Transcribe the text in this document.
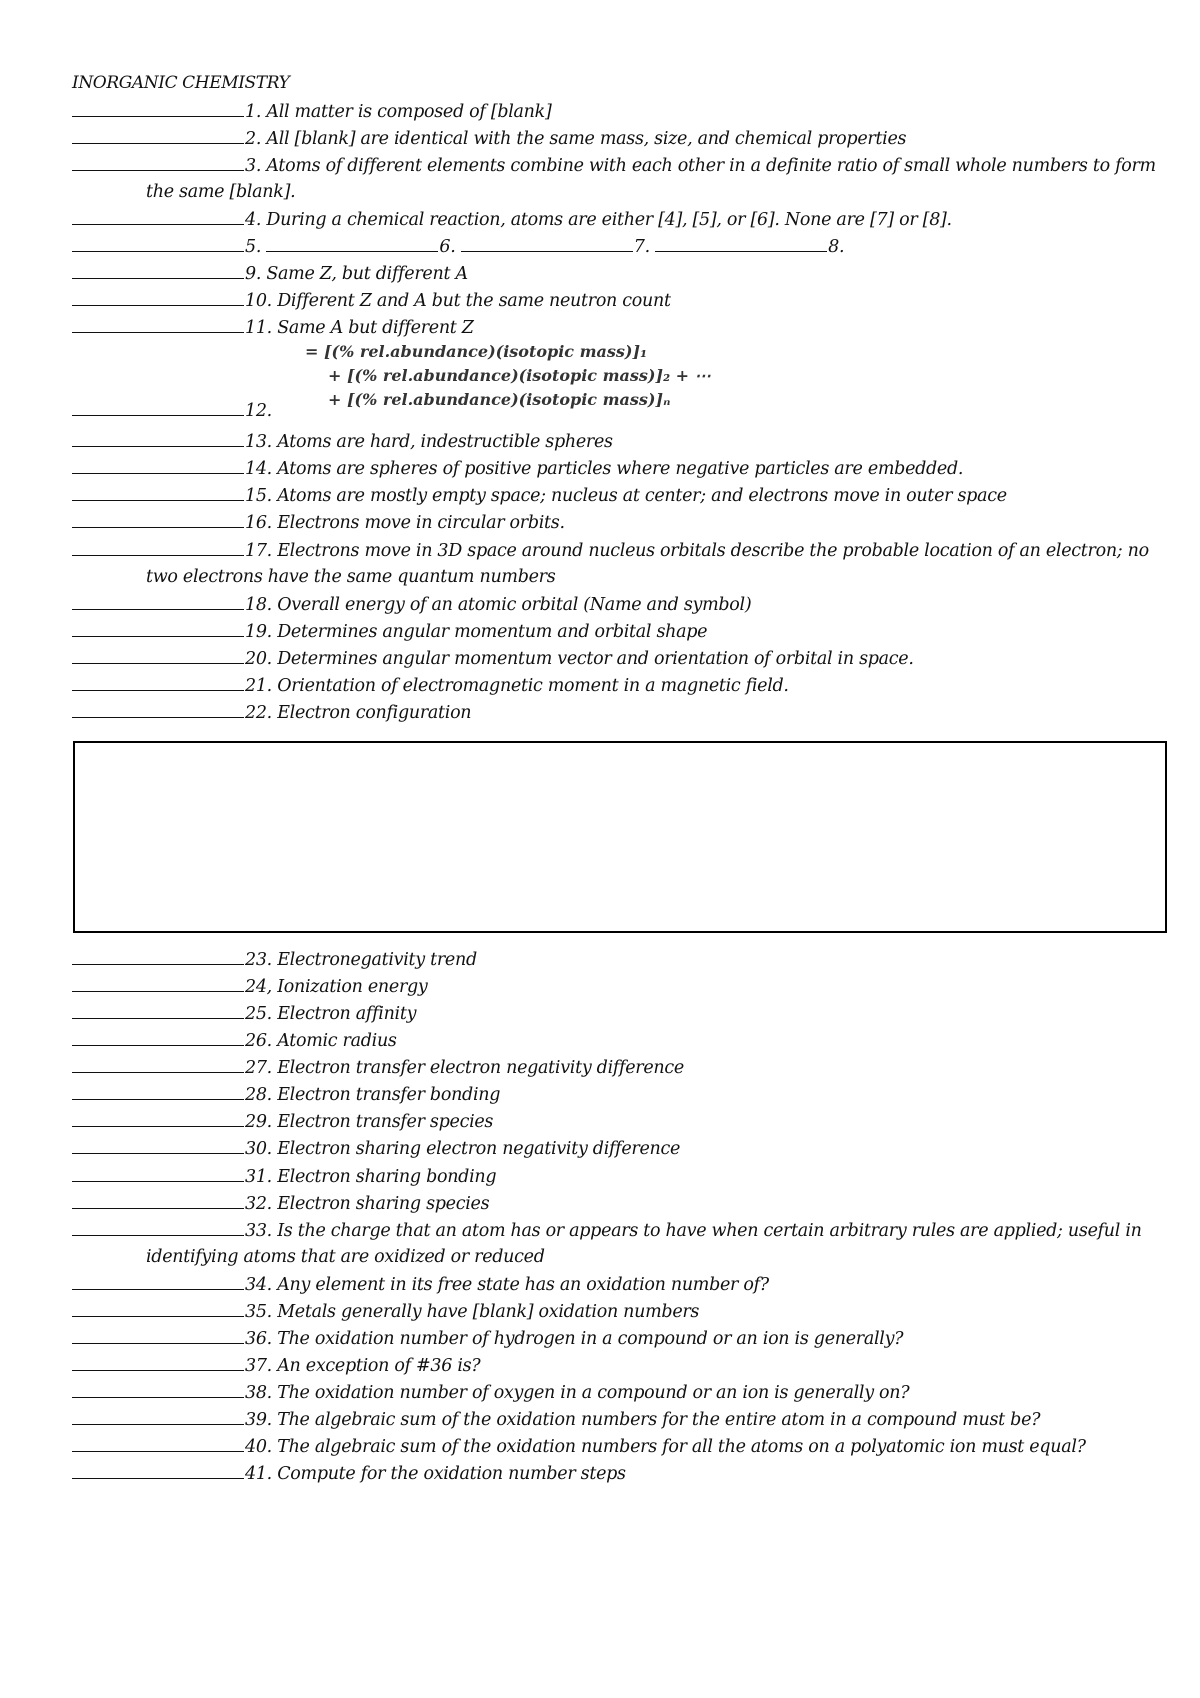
INORGANIC CHEMISTRY
1. All matter is composed of [blank]
2. All [blank] are identical with the same mass, size, and chemical properties
3. Atoms of different elements combine with each other in a definite ratio of small whole numbers to form
the same [blank].
4. During a chemical reaction, atoms are either [4], [5], or [6]. None are [7] or [8].
5.	6.	7.	8.
9. Same Z, but different A
10. Different Z and A but the same neutron count
11. Same A but different Z
= [(% rel.abundance)(isotopic mass)]₁
+ [(% rel.abundance)(isotopic mass)]₂ + ⋯
+ [(% rel.abundance)(isotopic mass)]ₙ
12.
13. Atoms are hard, indestructible spheres
14. Atoms are spheres of positive particles where negative particles are embedded.
15. Atoms are mostly empty space; nucleus at center; and electrons move in outer space
16. Electrons move in circular orbits.
17. Electrons move in 3D space around nucleus orbitals describe the probable location of an electron; no
two electrons have the same quantum numbers
18. Overall energy of an atomic orbital (Name and symbol)
19. Determines angular momentum and orbital shape
20. Determines angular momentum vector and orientation of orbital in space.
21. Orientation of electromagnetic moment in a magnetic field.
22. Electron configuration
23. Electronegativity trend
24, Ionization energy
25. Electron affinity
26. Atomic radius
27. Electron transfer electron negativity difference
28. Electron transfer bonding
29. Electron transfer species
30. Electron sharing electron negativity difference
31. Electron sharing bonding
32. Electron sharing species
33. Is the charge that an atom has or appears to have when certain arbitrary rules are applied; useful in
identifying atoms that are oxidized or reduced
34. Any element in its free state has an oxidation number of?
35. Metals generally have [blank] oxidation numbers
36. The oxidation number of hydrogen in a compound or an ion is generally?
37. An exception of #36 is?
38. The oxidation number of oxygen in a compound or an ion is generally on?
39. The algebraic sum of the oxidation numbers for the entire atom in a compound must be?
40. The algebraic sum of the oxidation numbers for all the atoms on a polyatomic ion must equal?
41. Compute for the oxidation number steps
